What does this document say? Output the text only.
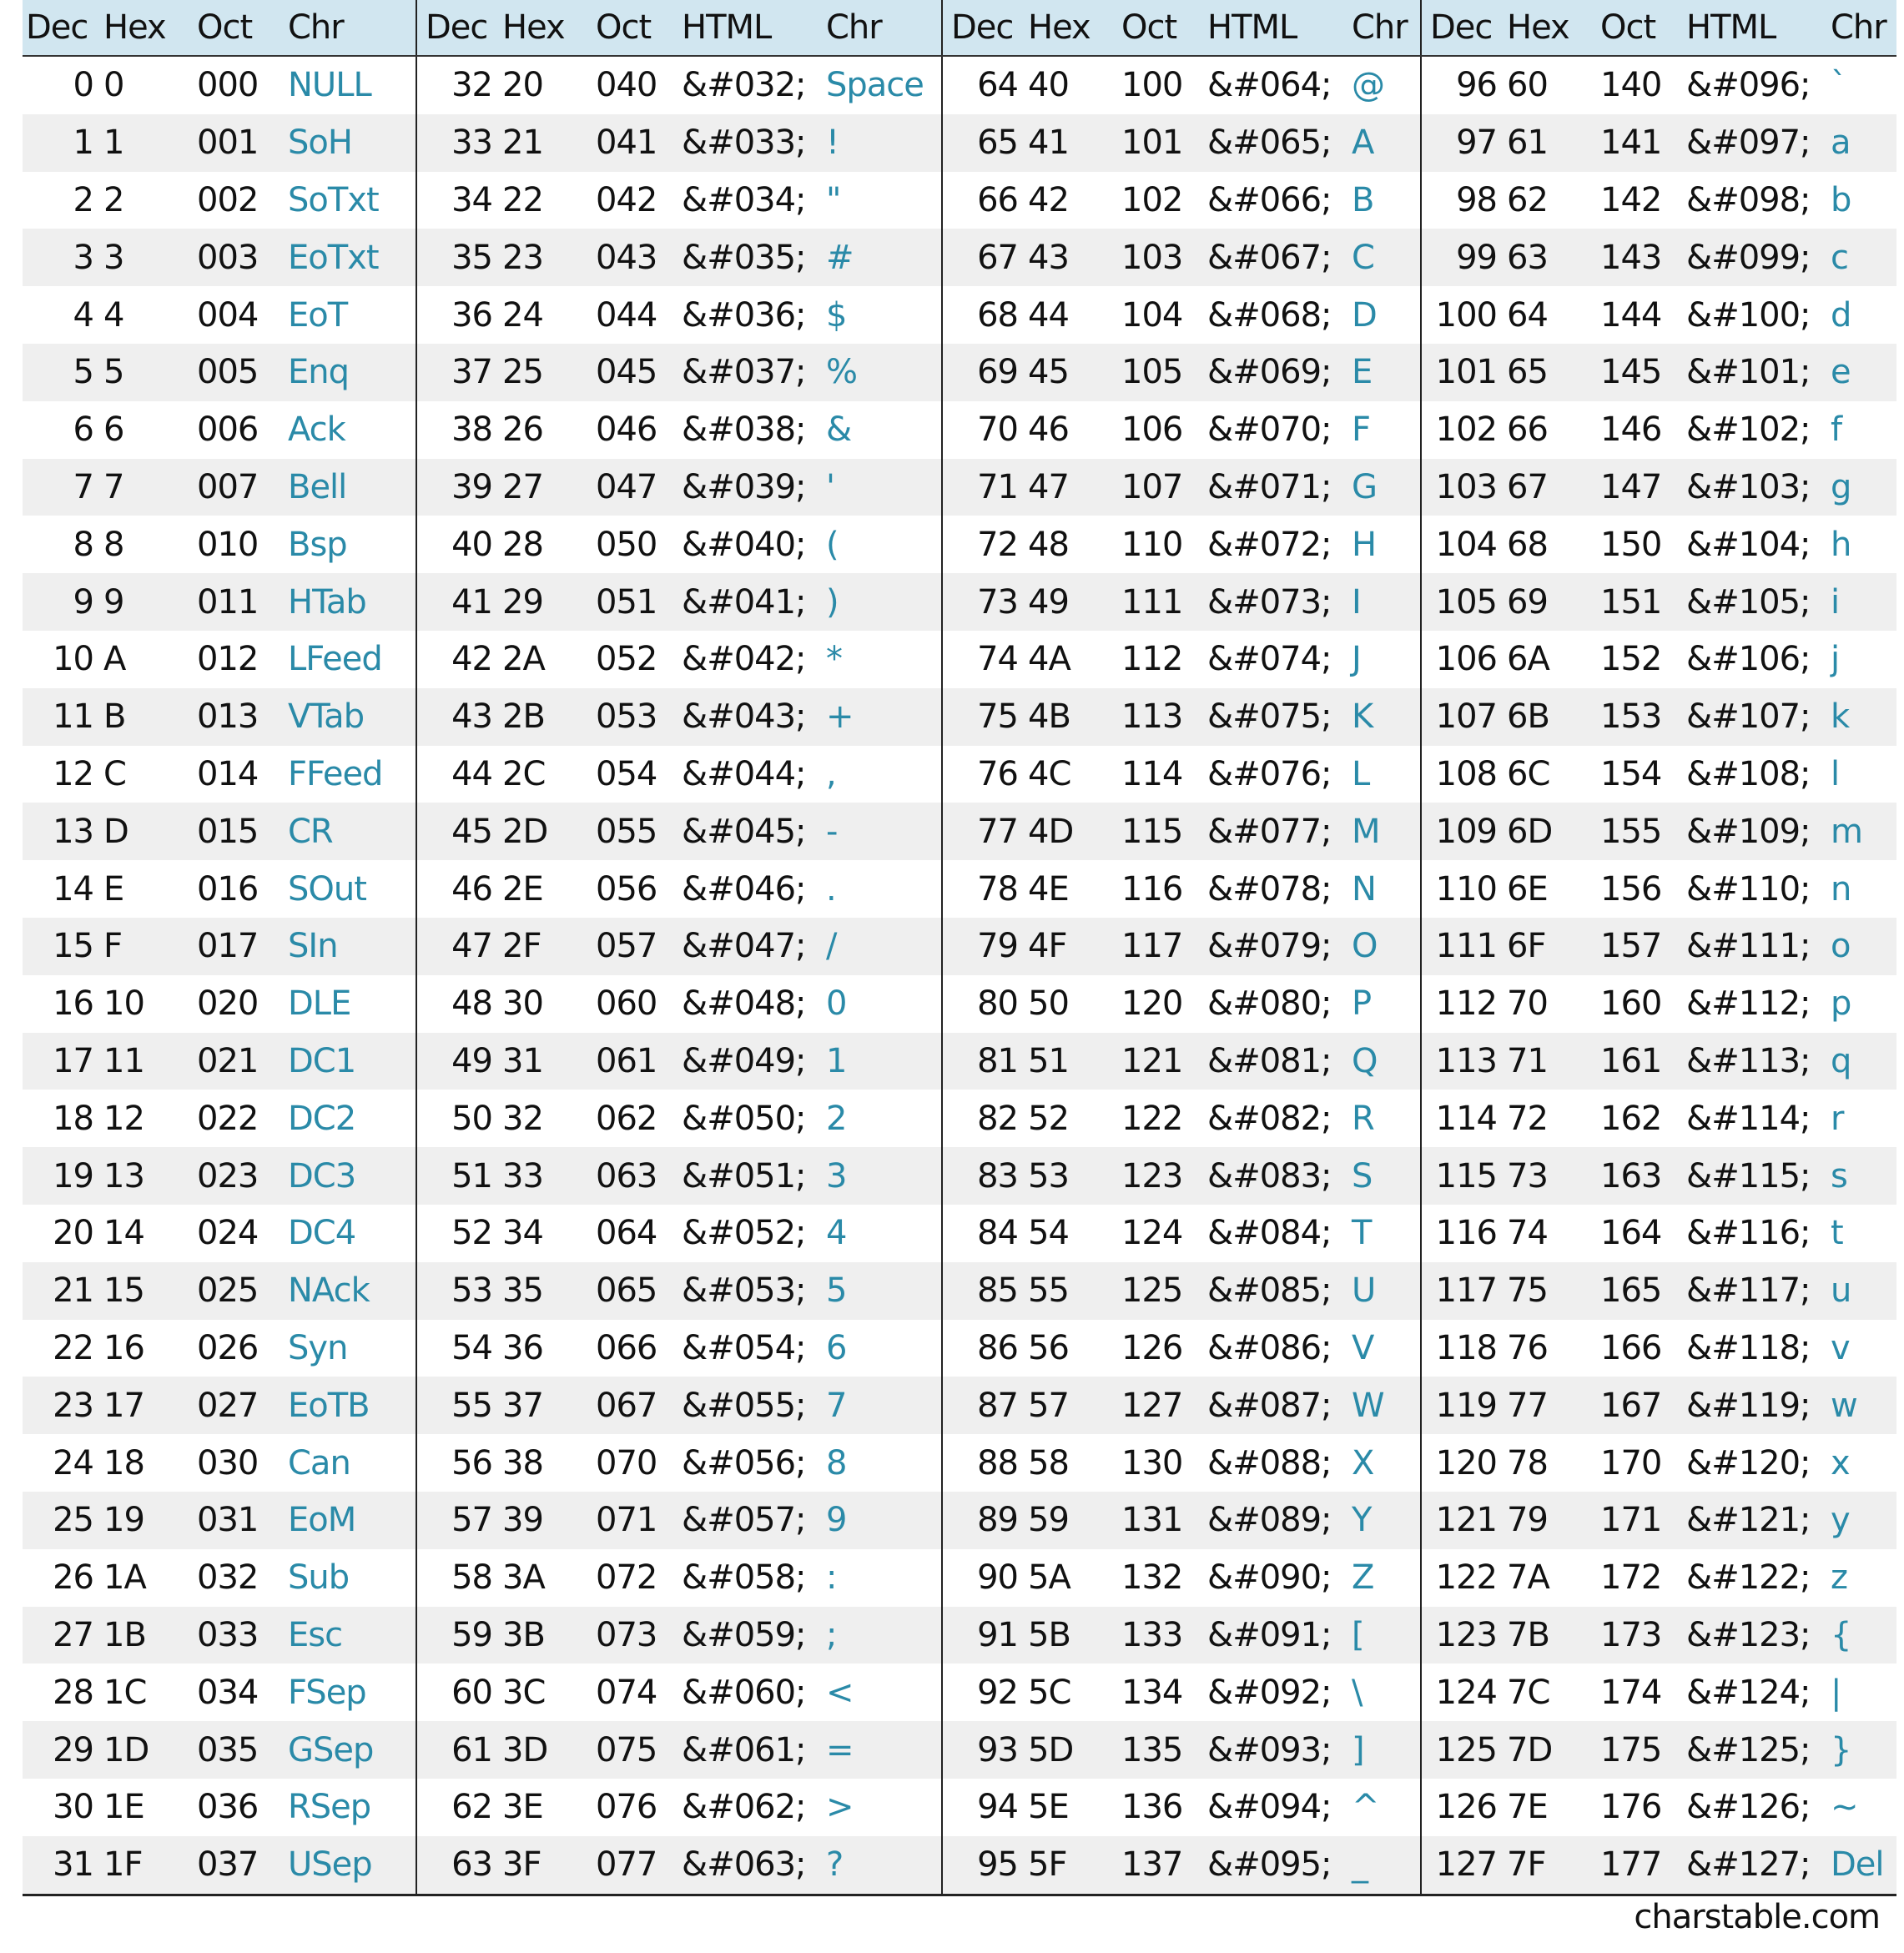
Dec	Hex	Oct	Chr	Dec	Hex	Oct	HTML	Chr	Dec	Hex	Oct	HTML	Chr	Dec	Hex	Oct	HTML	Chr
0	0	000	NULL	32	20	040	&#032;	Space	64	40	100	&#064;	@	96	60	140	&#096;	`
1	1	001	SoH	33	21	041	&#033;	!	65	41	101	&#065;	A	97	61	141	&#097;	a
2	2	002	SoTxt	34	22	042	&#034;	"	66	42	102	&#066;	B	98	62	142	&#098;	b
3	3	003	EoTxt	35	23	043	&#035;	#	67	43	103	&#067;	C	99	63	143	&#099;	c
4	4	004	EoT	36	24	044	&#036;	$	68	44	104	&#068;	D	100	64	144	&#100;	d
5	5	005	Enq	37	25	045	&#037;	%	69	45	105	&#069;	E	101	65	145	&#101;	e
6	6	006	Ack	38	26	046	&#038;	&	70	46	106	&#070;	F	102	66	146	&#102;	f
7	7	007	Bell	39	27	047	&#039;	'	71	47	107	&#071;	G	103	67	147	&#103;	g
8	8	010	Bsp	40	28	050	&#040;	(	72	48	110	&#072;	H	104	68	150	&#104;	h
9	9	011	HTab	41	29	051	&#041;	)	73	49	111	&#073;	I	105	69	151	&#105;	i
10	A	012	LFeed	42	2A	052	&#042;	*	74	4A	112	&#074;	J	106	6A	152	&#106;	j
11	B	013	VTab	43	2B	053	&#043;	+	75	4B	113	&#075;	K	107	6B	153	&#107;	k
12	C	014	FFeed	44	2C	054	&#044;	,	76	4C	114	&#076;	L	108	6C	154	&#108;	l
13	D	015	CR	45	2D	055	&#045;	-	77	4D	115	&#077;	M	109	6D	155	&#109;	m
14	E	016	SOut	46	2E	056	&#046;	.	78	4E	116	&#078;	N	110	6E	156	&#110;	n
15	F	017	SIn	47	2F	057	&#047;	/	79	4F	117	&#079;	O	111	6F	157	&#111;	o
16	10	020	DLE	48	30	060	&#048;	0	80	50	120	&#080;	P	112	70	160	&#112;	p
17	11	021	DC1	49	31	061	&#049;	1	81	51	121	&#081;	Q	113	71	161	&#113;	q
18	12	022	DC2	50	32	062	&#050;	2	82	52	122	&#082;	R	114	72	162	&#114;	r
19	13	023	DC3	51	33	063	&#051;	3	83	53	123	&#083;	S	115	73	163	&#115;	s
20	14	024	DC4	52	34	064	&#052;	4	84	54	124	&#084;	T	116	74	164	&#116;	t
21	15	025	NAck	53	35	065	&#053;	5	85	55	125	&#085;	U	117	75	165	&#117;	u
22	16	026	Syn	54	36	066	&#054;	6	86	56	126	&#086;	V	118	76	166	&#118;	v
23	17	027	EoTB	55	37	067	&#055;	7	87	57	127	&#087;	W	119	77	167	&#119;	w
24	18	030	Can	56	38	070	&#056;	8	88	58	130	&#088;	X	120	78	170	&#120;	x
25	19	031	EoM	57	39	071	&#057;	9	89	59	131	&#089;	Y	121	79	171	&#121;	y
26	1A	032	Sub	58	3A	072	&#058;	:	90	5A	132	&#090;	Z	122	7A	172	&#122;	z
27	1B	033	Esc	59	3B	073	&#059;	;	91	5B	133	&#091;	[	123	7B	173	&#123;	{
28	1C	034	FSep	60	3C	074	&#060;	<	92	5C	134	&#092;	\	124	7C	174	&#124;	|
29	1D	035	GSep	61	3D	075	&#061;	=	93	5D	135	&#093;	]	125	7D	175	&#125;	}
30	1E	036	RSep	62	3E	076	&#062;	>	94	5E	136	&#094;	^	126	7E	176	&#126;	~
31	1F	037	USep	63	3F	077	&#063;	?	95	5F	137	&#095;	_	127	7F	177	&#127;	Del
charstable.com
